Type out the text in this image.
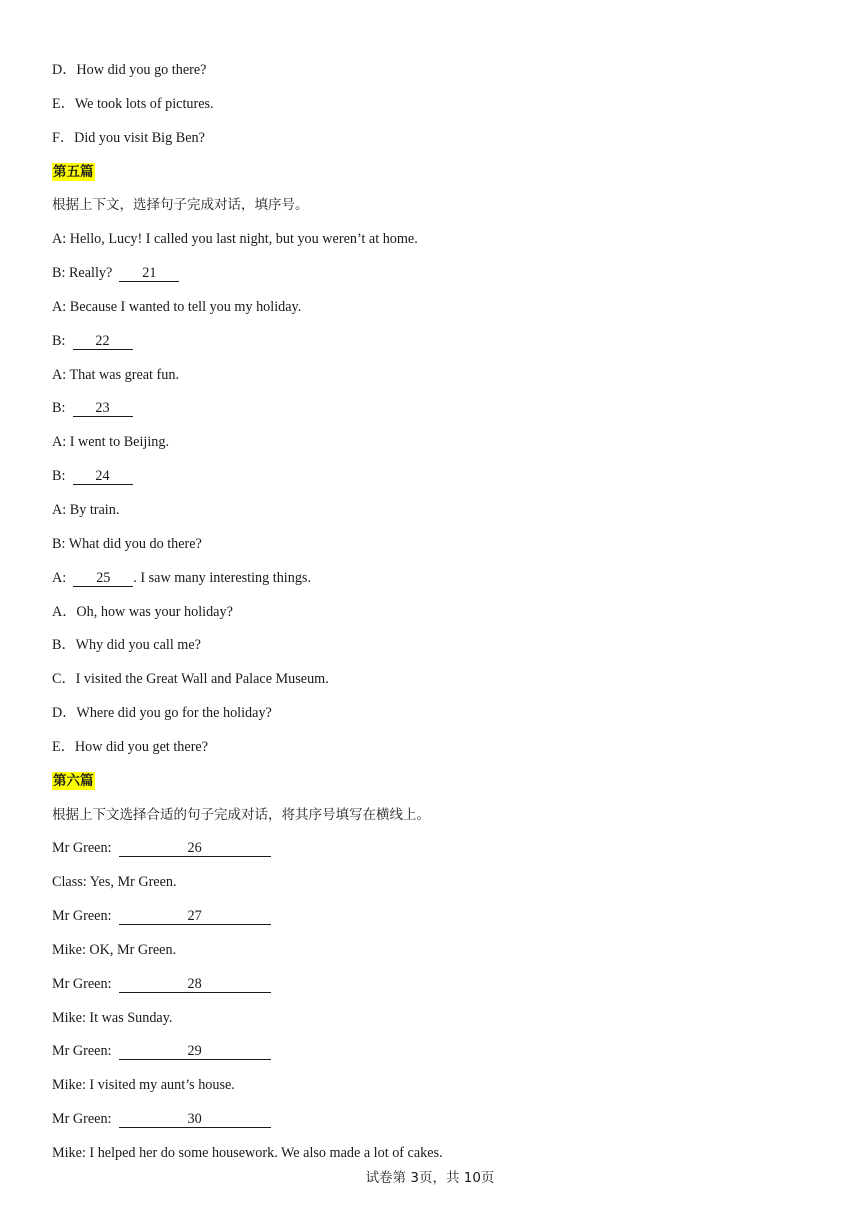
D．How did you go there?
E．We took lots of pictures.
F．Did you visit Big Ben?
第五篇
根据上下文，选择句子完成对话，填序号。
A: Hello, Lucy! I called you last night, but you weren’t at home.
B: Really? 21
A: Because I wanted to tell you my holiday.
B: 22
A: That was great fun.
B: 23
A: I went to Beijing.
B: 24
A: By train.
B: What did you do there?
A: 25 . I saw many interesting things.
A．Oh, how was your holiday?
B．Why did you call me?
C．I visited the Great Wall and Palace Museum.
D．Where did you go for the holiday?
E．How did you get there?
第六篇
根据上下文选择合适的句子完成对话，将其序号填写在横线上。
Mr Green:	26
Class: Yes, Mr Green.
Mr Green:	27
Mike: OK, Mr Green.
Mr Green:	28
Mike: It was Sunday.
Mr Green:	29
Mike: I visited my aunt’s house.
Mr Green:	30
Mike: I helped her do some housework. We also made a lot of cakes.
试卷第 3页，共 10页
